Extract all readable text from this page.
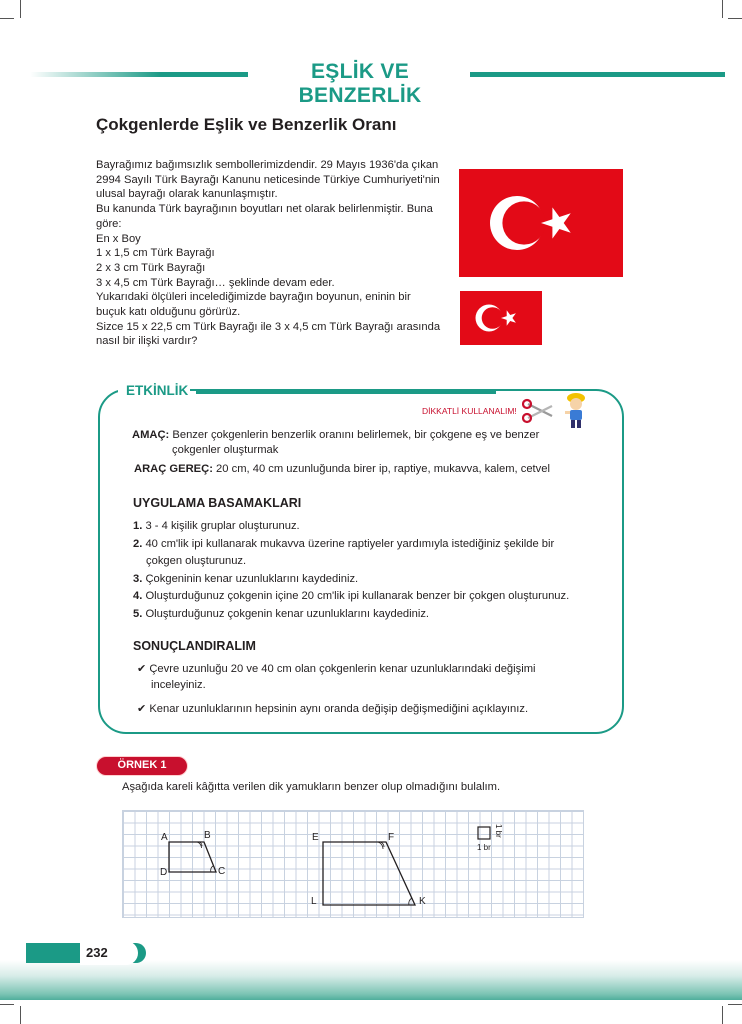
EŞLİK VE BENZERLİK
Çokgenlerde Eşlik ve Benzerlik Oranı
Bayrağımız bağımsızlık sembollerimizdendir. 29 Mayıs 1936'da çıkan
2994 Sayılı Türk Bayrağı Kanunu neticesinde Türkiye Cumhuriyeti'nin
ulusal bayrağı olarak kanunlaşmıştır.
Bu kanunda Türk bayrağının boyutları net olarak belirlenmiştir. Buna
göre:
En x Boy
1 x 1,5 cm Türk Bayrağı
2 x 3 cm Türk Bayrağı
3 x 4,5 cm Türk Bayrağı… şeklinde devam eder.
Yukarıdaki ölçüleri incelediğimizde bayrağın boyunun, eninin bir
buçuk katı olduğunu görürüz.
Sizce 15 x 22,5 cm Türk Bayrağı ile 3 x 4,5 cm Türk Bayrağı arasında
nasıl bir ilişki vardır?
ETKİNLİK
DİKKATLİ KULLANALIM!
AMAÇ: Benzer çokgenlerin benzerlik oranını belirlemek, bir çokgene eş ve benzer
çokgenler oluşturmak
ARAÇ GEREÇ: 20 cm, 40 cm uzunluğunda birer ip, raptiye, mukavva, kalem, cetvel
UYGULAMA BASAMAKLARI
1. 3 - 4 kişilik gruplar oluşturunuz.
2. 40 cm'lik ipi kullanarak mukavva üzerine raptiyeler yardımıyla istediğiniz şekilde bir
çokgen oluşturunuz.
3. Çokgeninin kenar uzunluklarını kaydediniz.
4. Oluşturduğunuz çokgenin içine 20 cm'lik ipi kullanarak benzer bir çokgen oluşturunuz.
5. Oluşturduğunuz çokgenin kenar uzunluklarını kaydediniz.
SONUÇLANDIRALIM
✔ Çevre uzunluğu 20 ve 40 cm olan çokgenlerin kenar uzunluklarındaki değişimi
inceleyiniz.
✔ Kenar uzunluklarının hepsinin aynı oranda değişip değişmediğini açıklayınız.
ÖRNEK 1
Aşağıda kareli kâğıtta verilen dik yamukların benzer olup olmadığını bulalım.
A	B
C
D
E	F
K
L
1 br
1 br
232
